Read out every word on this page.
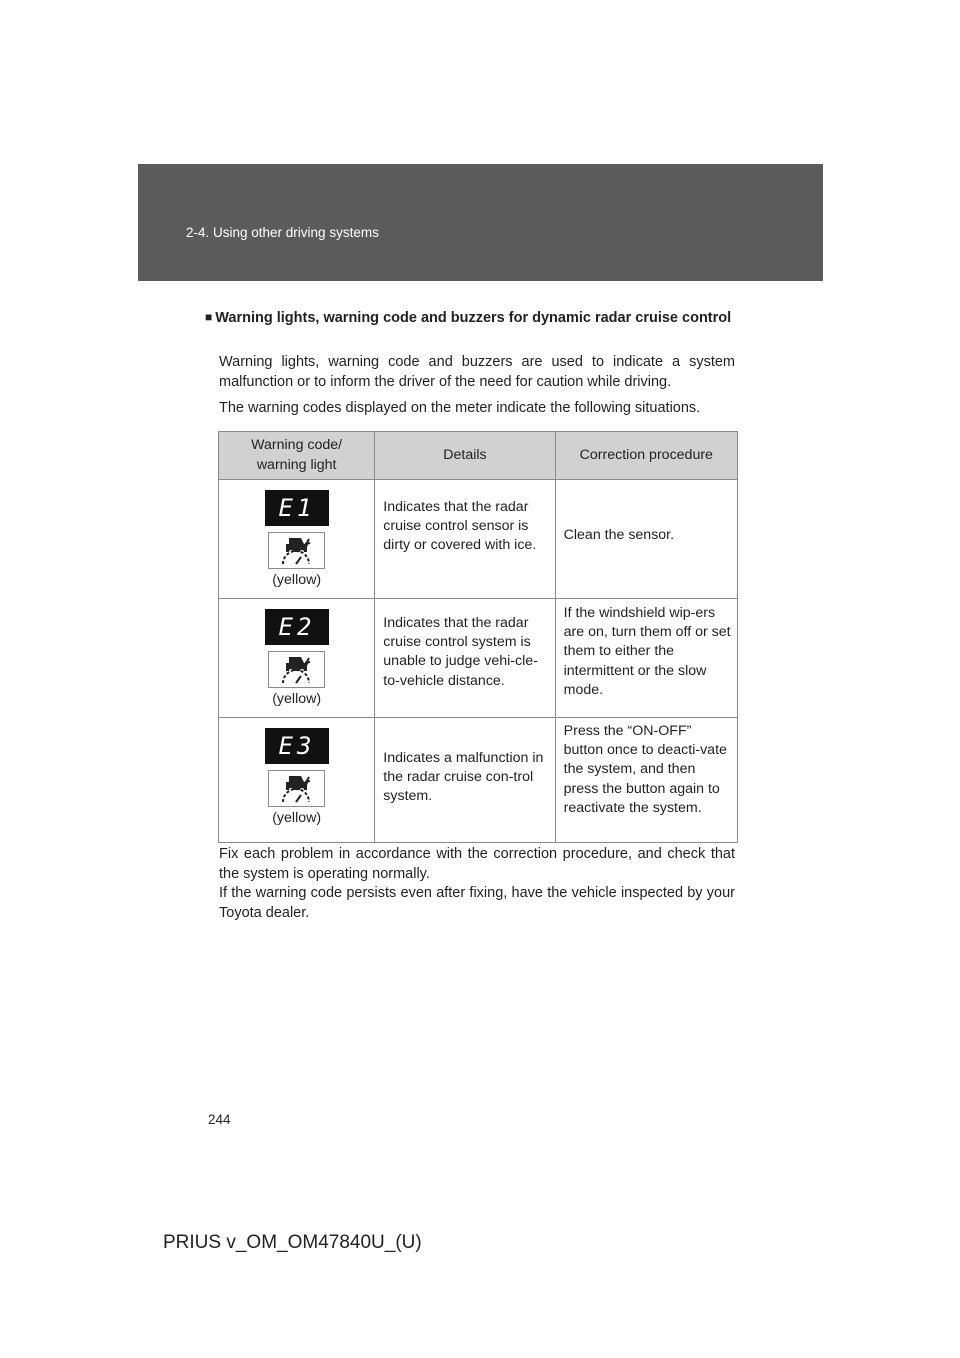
2-4. Using other driving systems
■ Warning lights, warning code and buzzers for dynamic radar cruise control
Warning lights, warning code and buzzers are used to indicate a system malfunction or to inform the driver of the need for caution while driving.
The warning codes displayed on the meter indicate the following situations.
Warning code/ warning light	Details	Correction procedure

E1
(yellow)	Indicates that the radar cruise control sensor is dirty or covered with ice.	Clean the sensor.

E2
(yellow)	Indicates that the radar cruise control system is unable to judge vehi-cle-to-vehicle distance.	If the windshield wip-ers are on, turn them off or set them to either the intermittent or the slow mode.

E3
(yellow)	Indicates a malfunction in the radar cruise con-trol system.	Press the “ON-OFF” button once to deacti-vate the system, and then press the button again to reactivate the system.
Fix each problem in accordance with the correction procedure, and check that the system is operating normally.
If the warning code persists even after fixing, have the vehicle inspected by your Toyota dealer.
244
PRIUS v_OM_OM47840U_(U)
